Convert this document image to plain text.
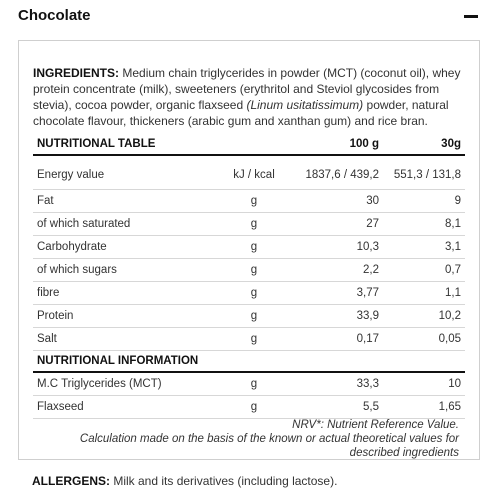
Chocolate
INGREDIENTS: Medium chain triglycerides in powder (MCT) (coconut oil), whey protein concentrate (milk), sweeteners (erythritol and Steviol glycosides from stevia), cocoa powder, organic flaxseed (Linum usitatissimum) powder, natural chocolate flavour, thickeners (arabic gum and xanthan gum) and rice bran.
NUTRITIONAL TABLE		100 g	30g
Energy value	kJ / kcal	1837,6 / 439,2	551,3 / 131,8
Fat	g	30	9
of which saturated	g	27	8,1
Carbohydrate	g	10,3	3,1
of which sugars	g	2,2	0,7
fibre	g	3,77	1,1
Protein	g	33,9	10,2
Salt	g	0,17	0,05
NUTRITIONAL INFORMATION			
M.C Triglycerides (MCT)	g	33,3	10
Flaxseed	g	5,5	1,65
NRV*: Nutrient Reference Value.
Calculation made on the basis of the known or actual theoretical values for described ingredients
ALLERGENS: Milk and its derivatives (including lactose).
